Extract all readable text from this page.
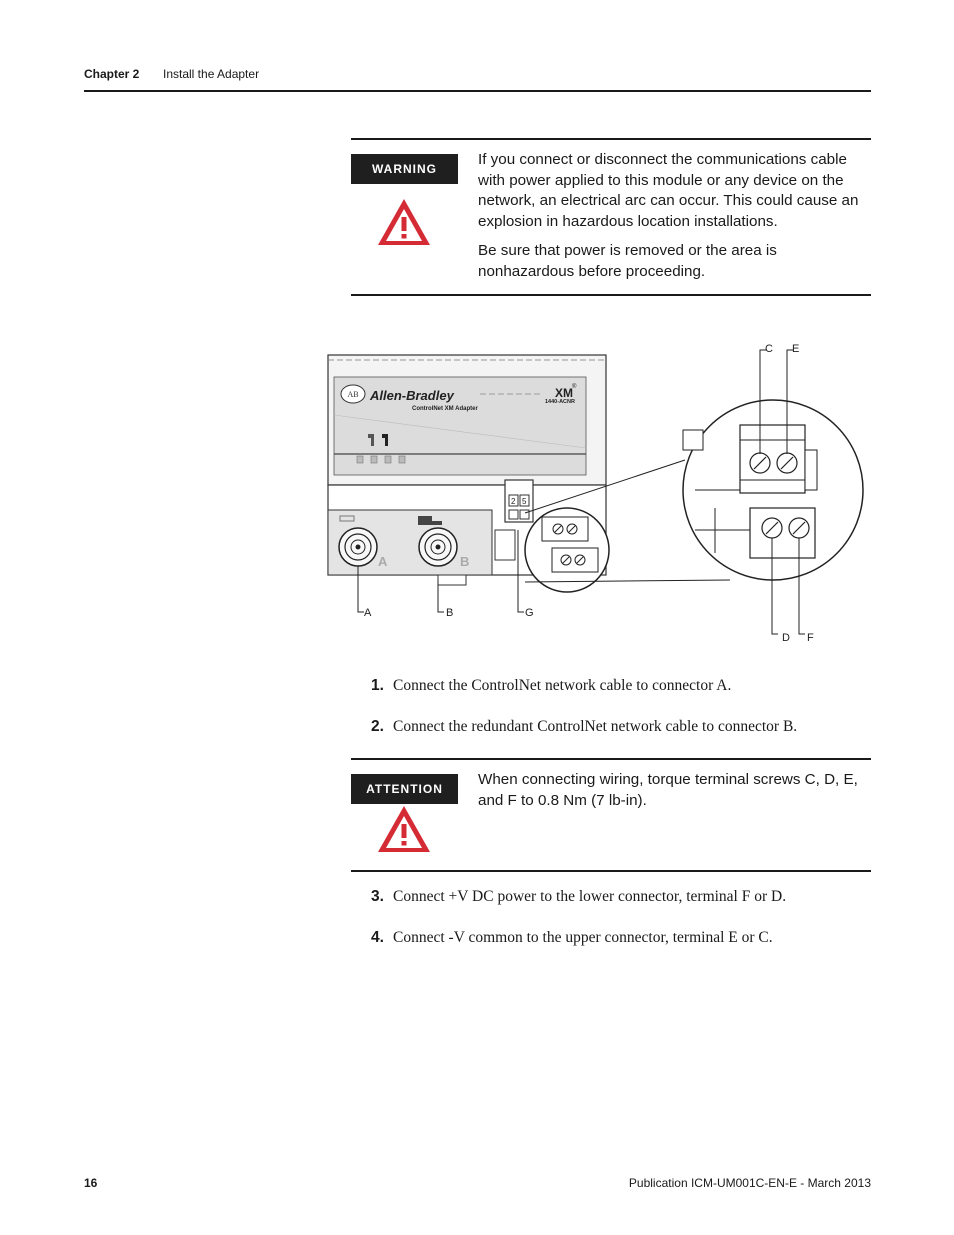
Chapter 2 Install the Adapter
WARNING

If you connect or disconnect the communications cable with power applied to this module or any device on the network, an electrical arc can occur. This could cause an explosion in hazardous location installations.

Be sure that power is removed or the area is nonhazardous before proceeding.

AB Allen-Bradley	XM ®
1440-ACNR
ControlNet XM Adapter
A	B
2 5
A	B	G
C E
D F
1. Connect the ControlNet network cable to connector A.
2. Connect the redundant ControlNet network cable to connector B.
ATTENTION

When connecting wiring, torque terminal screws C, D, E, and F to 0.8 Nm (7 lb-in).

3. Connect +V DC power to the lower connector, terminal F or D.
4. Connect -V common to the upper connector, terminal E or C.
16	Publication ICM-UM001C-EN-E - March 2013
